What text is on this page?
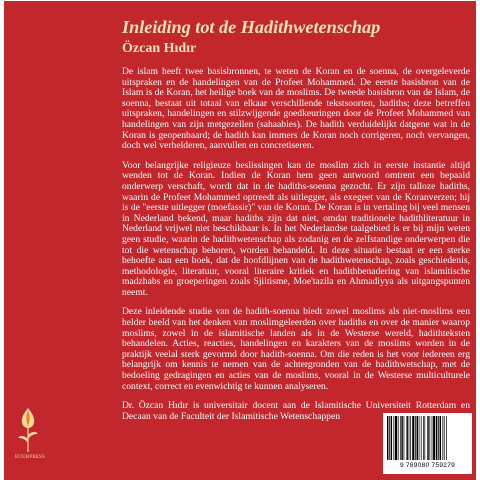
Inleiding tot de Hadithwetenschap
Özcan Hıdır

De islam heeft twee basisbronnen, te weten de Koran en de soenna, de overgeleverde uitspraken en de handelingen van de Profeet Mohammed. De eerste basisbron van de Islam is de Koran, het heilige boek van de moslims. De tweede basisbron van de Islam, de soenna, bestaat uit totaal van elkaar verschillende tekstsoorten, hadiths; deze betreffen uitspraken, handelingen en stilzwijgende goedkeuringen door de Profeet Mohammed van handelingen van zijn metgezellen (sahaabies). De hadith verduidelijkt datgene wat in de Koran is geopenbaard; de hadith kan immers de Koran noch corrigeren, noch vervangen, doch wel verhelderen, aanvullen en concretiseren.

Voor belangrijke religieuze beslissingen kan de moslim zich in eerste instantie altijd wenden tot de Koran. Indien de Koran hem geen antwoord omtrent een bepaald onderwerp verschaft, wordt dat in de hadiths-soenna gezocht. Er zijn talloze hadiths, waarin de Profeet Mohammed optreedt als uitlegger, als exegeet van de Koranverzen; hij is de "eerste uitlegger (moefassir)" van de Koran. De Koran is in vertaling bij veel mensen in Nederland bekend, maar hadiths zijn dat niet, omdat traditionele hadithliteratuur in Nederland vrijwel niet beschikbaar is. In het Nederlandse taalgebied is er bij mijn weten geen studie, waarin de hadithwetenschap als zodanig en de zelfstandige onderwerpen die tot die wetenschap behoren, worden behandeld. In deze situatie bestaat er een sterke behoefte aan een boek, dat de hoofdlijnen van de hadithwetenschap, zoals geschiedenis, methodologie, literatuur, vooral literaire kritiek en hadithbenadering van islamitische madzhabs en groeperingen zoals Sjiitisme, Moe'tazila en Ahmadiyya als uitgangspunten neemt.

Deze inleidende studie van de hadith-soenna biedt zowel moslims als niet-moslims een helder beeld van het denken van moslimgeleerden over hadiths en over de manier waarop moslims, zowel in de islamitische landen als in de Westerse wereld, hadithteksten behandelen. Acties, reacties, handelingen en karakters van de moslims worden in de praktijk veelal sterk gevormd door hadith-soenna. Om die reden is het voor iedereen erg belangrijk om kennis te nemen van de achtergronden van de hadithwetschap, met de bedoeling gedragingen en acties van de moslims, vooral in de Westerse multiculturele context, correct en evenwichtig te kunnen analyseren.

Dr. Özcan Hıdır is universitair docent aan de Islamitische Universiteit Rotterdam en Decaan van de Faculteit der Islamitische Wetenschappen

EOURPRESS
9 789080 759279
